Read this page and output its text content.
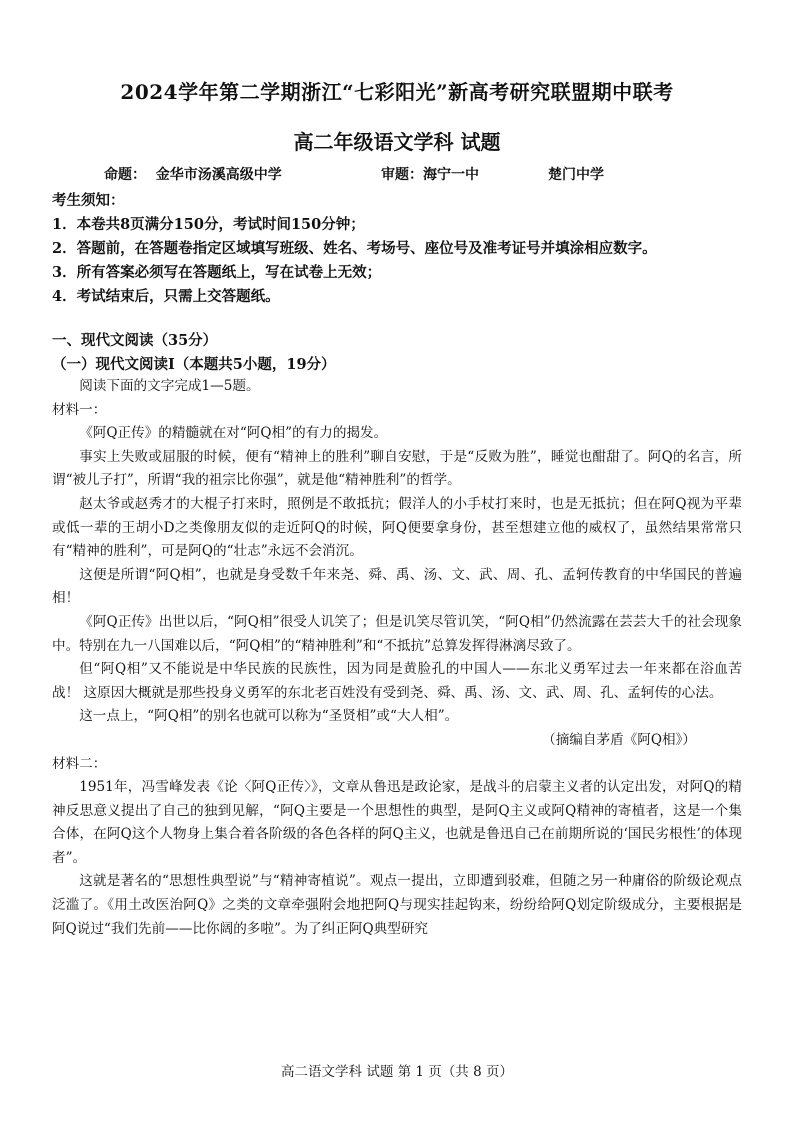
2024学年第二学期浙江“七彩阳光”新高考研究联盟期中联考
高二年级语文学科 试题
命题： 金华市汤溪高级中学	审题：海宁一中	楚门中学
考生须知：
1．本卷共8页满分150分，考试时间150分钟；
2．答题前，在答题卷指定区域填写班级、姓名、考场号、座位号及准考证号并填涂相应数字。
3．所有答案必须写在答题纸上，写在试卷上无效；
4．考试结束后，只需上交答题纸。
一、现代文阅读（35分）
（一）现代文阅读Ⅰ（本题共5小题，19分）

阅读下面的文字完成1—5题。

材料一：

《阿Q正传》的精髓就在对“阿Q相”的有力的揭发。

事实上失败或屈服的时候，便有“精神上的胜利”聊自安慰，于是“反败为胜”，睡觉也酣甜了。阿Q的名言，所谓“被儿子打”，所谓“我的祖宗比你强”，就是他“精神胜利”的哲学。

赵太爷或赵秀才的大棍子打来时，照例是不敢抵抗；假洋人的小手杖打来时，也是无抵抗；但在阿Q视为平辈或低一辈的王胡小D之类像朋友似的走近阿Q的时候，阿Q便要拿身份，甚至想建立他的威权了，虽然结果常常只有“精神的胜利”，可是阿Q的“壮志”永远不会消沉。

这便是所谓“阿Q相”，也就是身受数千年来尧、舜、禹、汤、文、武、周、孔、孟轲传教育的中华国民的普遍相！

《阿Q正传》出世以后，“阿Q相”很受人讥笑了；但是讥笑尽管讥笑，“阿Q相”仍然流露在芸芸大千的社会现象中。特别在九一八国难以后，“阿Q相”的“精神胜利”和“不抵抗”总算发挥得淋漓尽致了。

但“阿Q相”又不能说是中华民族的民族性，因为同是黄脸孔的中国人——东北义勇军过去一年来都在浴血苦战！ 这原因大概就是那些投身义勇军的东北老百姓没有受到尧、舜、禹、汤、文、武、周、孔、孟轲传的心法。

这一点上，“阿Q相”的别名也就可以称为“圣贤相”或“大人相”。

（摘编自茅盾《阿Q相》）

材料二：

1951年，冯雪峰发表《论〈阿Q正传〉》，文章从鲁迅是政论家，是战斗的启蒙主义者的认定出发，对阿Q的精神反思意义提出了自己的独到见解，“阿Q主要是一个思想性的典型，是阿Q主义或阿Q精神的寄植者，这是一个集合体，在阿Q这个人物身上集合着各阶级的各色各样的阿Q主义，也就是鲁迅自己在前期所说的‘国民劣根性’的体现者”。

这就是著名的“思想性典型说”与“精神寄植说”。观点一提出，立即遭到驳难，但随之另一种庸俗的阶级论观点泛滥了。《用土改医治阿Q》之类的文章牵强附会地把阿Q与现实挂起钩来，纷纷给阿Q划定阶级成分，主要根据是阿Q说过“我们先前——比你阔的多啦”。为了纠正阿Q典型研究

高二语文学科 试题 第 1 页（共 8 页）
